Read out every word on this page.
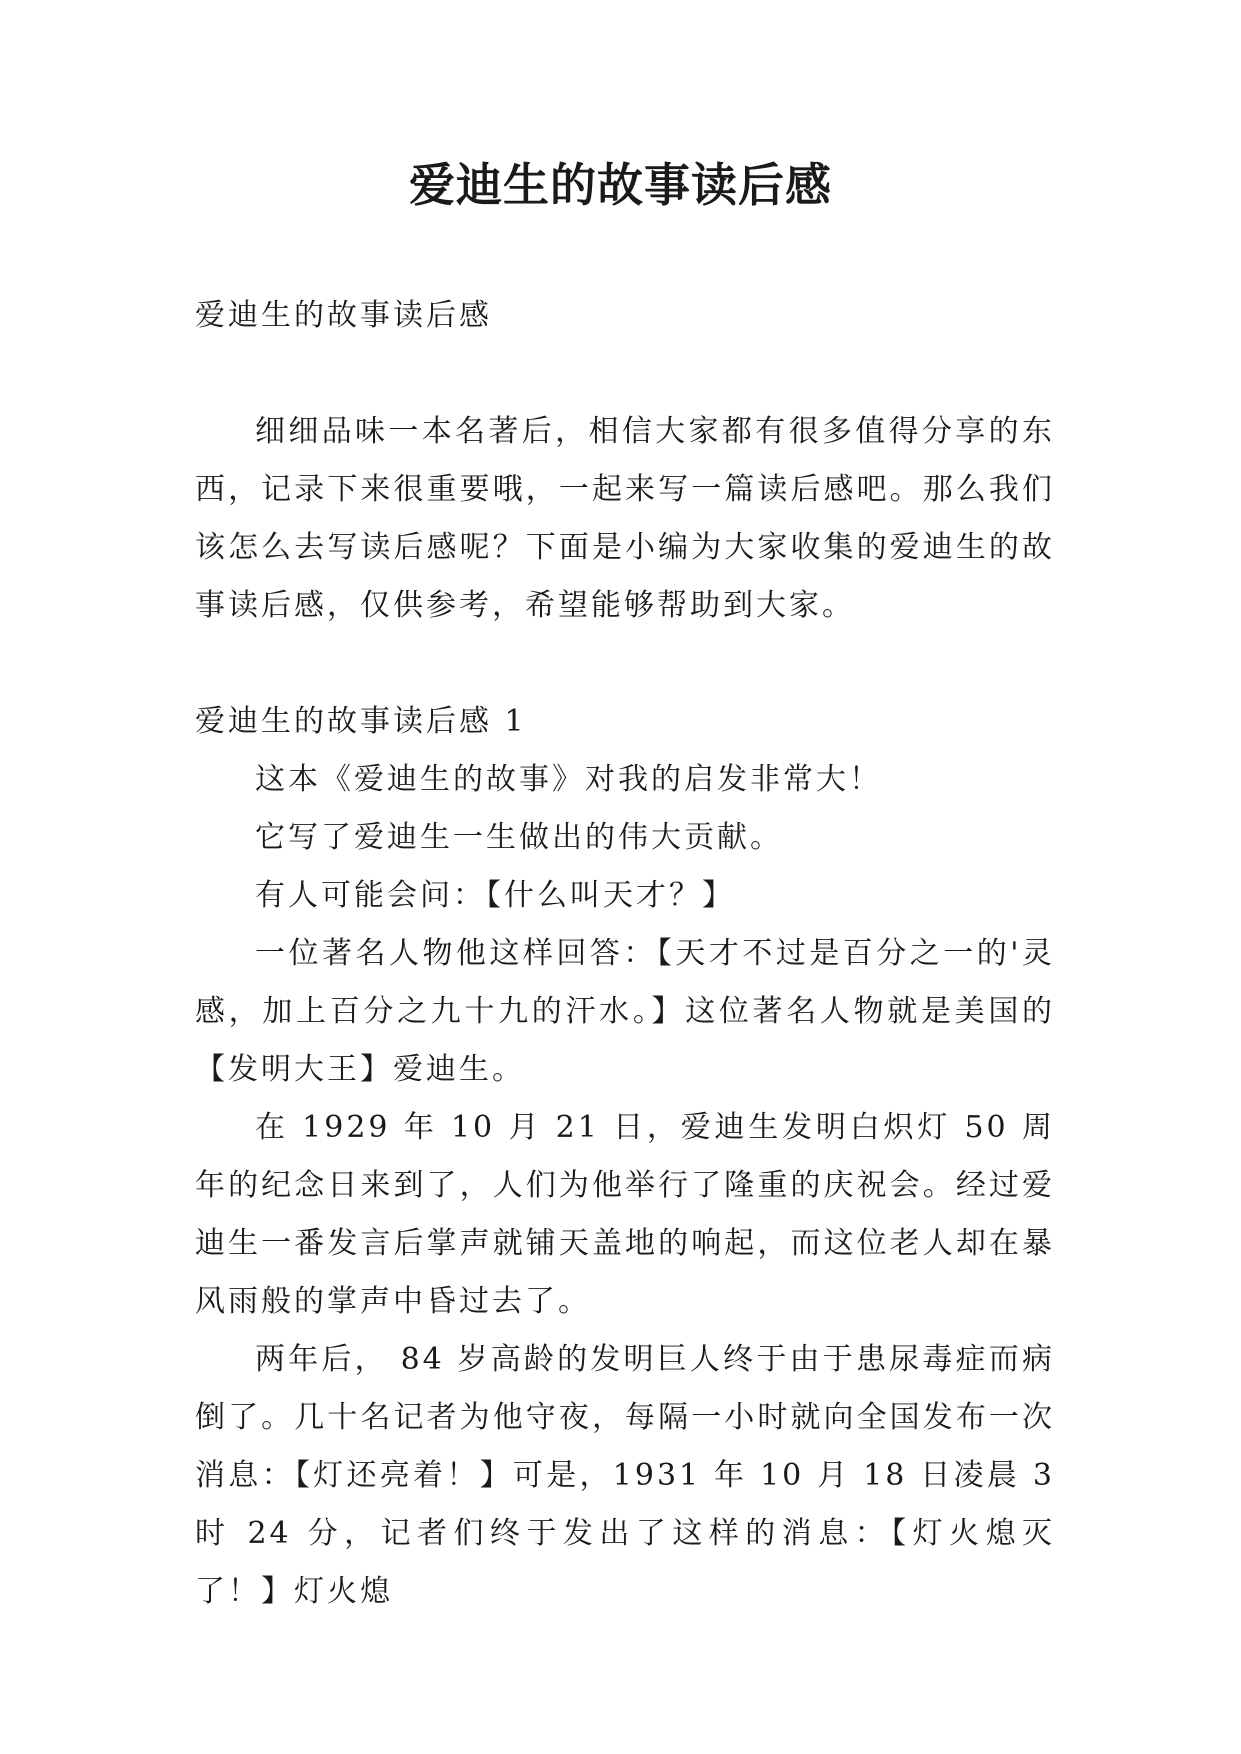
爱迪生的故事读后感

爱迪生的故事读后感

细细品味一本名著后，相信大家都有很多值得分享的东西，记录下来很重要哦，一起来写一篇读后感吧。那么我们该怎么去写读后感呢？下面是小编为大家收集的爱迪生的故事读后感，仅供参考，希望能够帮助到大家。

爱迪生的故事读后感 1

这本《爱迪生的故事》对我的启发非常大！

它写了爱迪生一生做出的伟大贡献。

有人可能会问：【什么叫天才？】

一位著名人物他这样回答：【天才不过是百分之一的'灵感，加上百分之九十九的汗水。】这位著名人物就是美国的【发明大王】爱迪生。

在 1929 年 10 月 21 日，爱迪生发明白炽灯 50 周年的纪念日来到了，人们为他举行了隆重的庆祝会。经过爱迪生一番发言后掌声就铺天盖地的响起，而这位老人却在暴风雨般的掌声中昏过去了。

两年后， 84 岁高龄的发明巨人终于由于患尿毒症而病倒了。几十名记者为他守夜，每隔一小时就向全国发布一次消息：【灯还亮着！】可是，1931 年 10 月 18 日凌晨 3 时 24 分，记者们终于发出了这样的消息：【灯火熄灭了！】灯火熄
